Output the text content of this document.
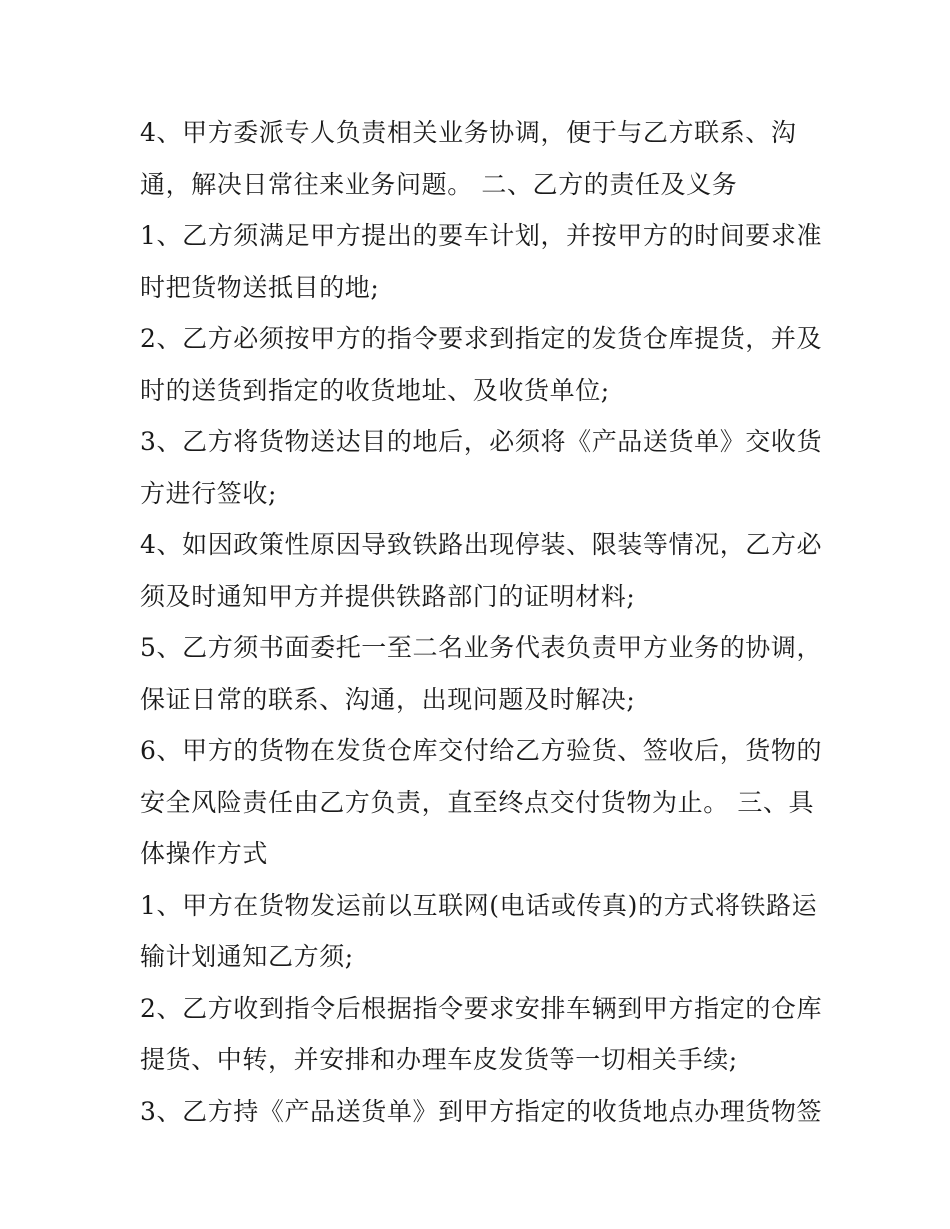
4、甲方委派专人负责相关业务协调，便于与乙方联系、沟
通，解决日常往来业务问题。 二、乙方的责任及义务
1、乙方须满足甲方提出的要车计划，并按甲方的时间要求准
时把货物送抵目的地;
2、乙方必须按甲方的指令要求到指定的发货仓库提货，并及
时的送货到指定的收货地址、及收货单位;
3、乙方将货物送达目的地后，必须将《产品送货单》交收货
方进行签收;
4、如因政策性原因导致铁路出现停装、限装等情况，乙方必
须及时通知甲方并提供铁路部门的证明材料;
5、乙方须书面委托一至二名业务代表负责甲方业务的协调，
保证日常的联系、沟通，出现问题及时解决;
6、甲方的货物在发货仓库交付给乙方验货、签收后，货物的
安全风险责任由乙方负责，直至终点交付货物为止。 三、具
体操作方式
1、甲方在货物发运前以互联网(电话或传真)的方式将铁路运
输计划通知乙方须;
2、乙方收到指令后根据指令要求安排车辆到甲方指定的仓库
提货、中转，并安排和办理车皮发货等一切相关手续;
3、乙方持《产品送货单》到甲方指定的收货地点办理货物签
